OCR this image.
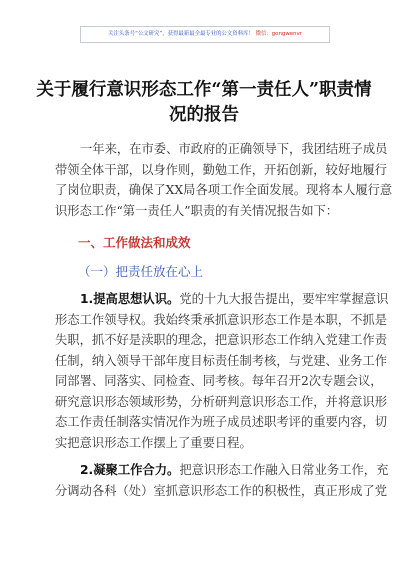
关注头条号“公文研究”，获得最新最全最专业的公文资料库！ 微信：gongwenvr
关于履行意识形态工作“第一责任人”职责情
况的报告
一年来，在市委、市政府的正确领导下，我团结班子成员
带领全体干部，以身作则，勤勉工作，开拓创新，较好地履行
了岗位职责，确保了XX局各项工作全面发展。现将本人履行意
识形态工作“第一责任人”职责的有关情况报告如下：
一、工作做法和成效
（一）把责任放在心上
1.提高思想认识。党的十九大报告提出，要牢牢掌握意识
形态工作领导权。我始终秉承抓意识形态工作是本职，不抓是
失职，抓不好是渎职的理念，把意识形态工作纳入党建工作责
任制，纳入领导干部年度目标责任制考核，与党建、业务工作
同部署、同落实、同检查、同考核。每年召开2次专题会议，
研究意识形态领域形势，分析研判意识形态工作，并将意识形
态工作责任制落实情况作为班子成员述职考评的重要内容，切
实把意识形态工作摆上了重要日程。
2.凝聚工作合力。把意识形态工作融入日常业务工作，充
分调动各科（处）室抓意识形态工作的积极性，真正形成了党
